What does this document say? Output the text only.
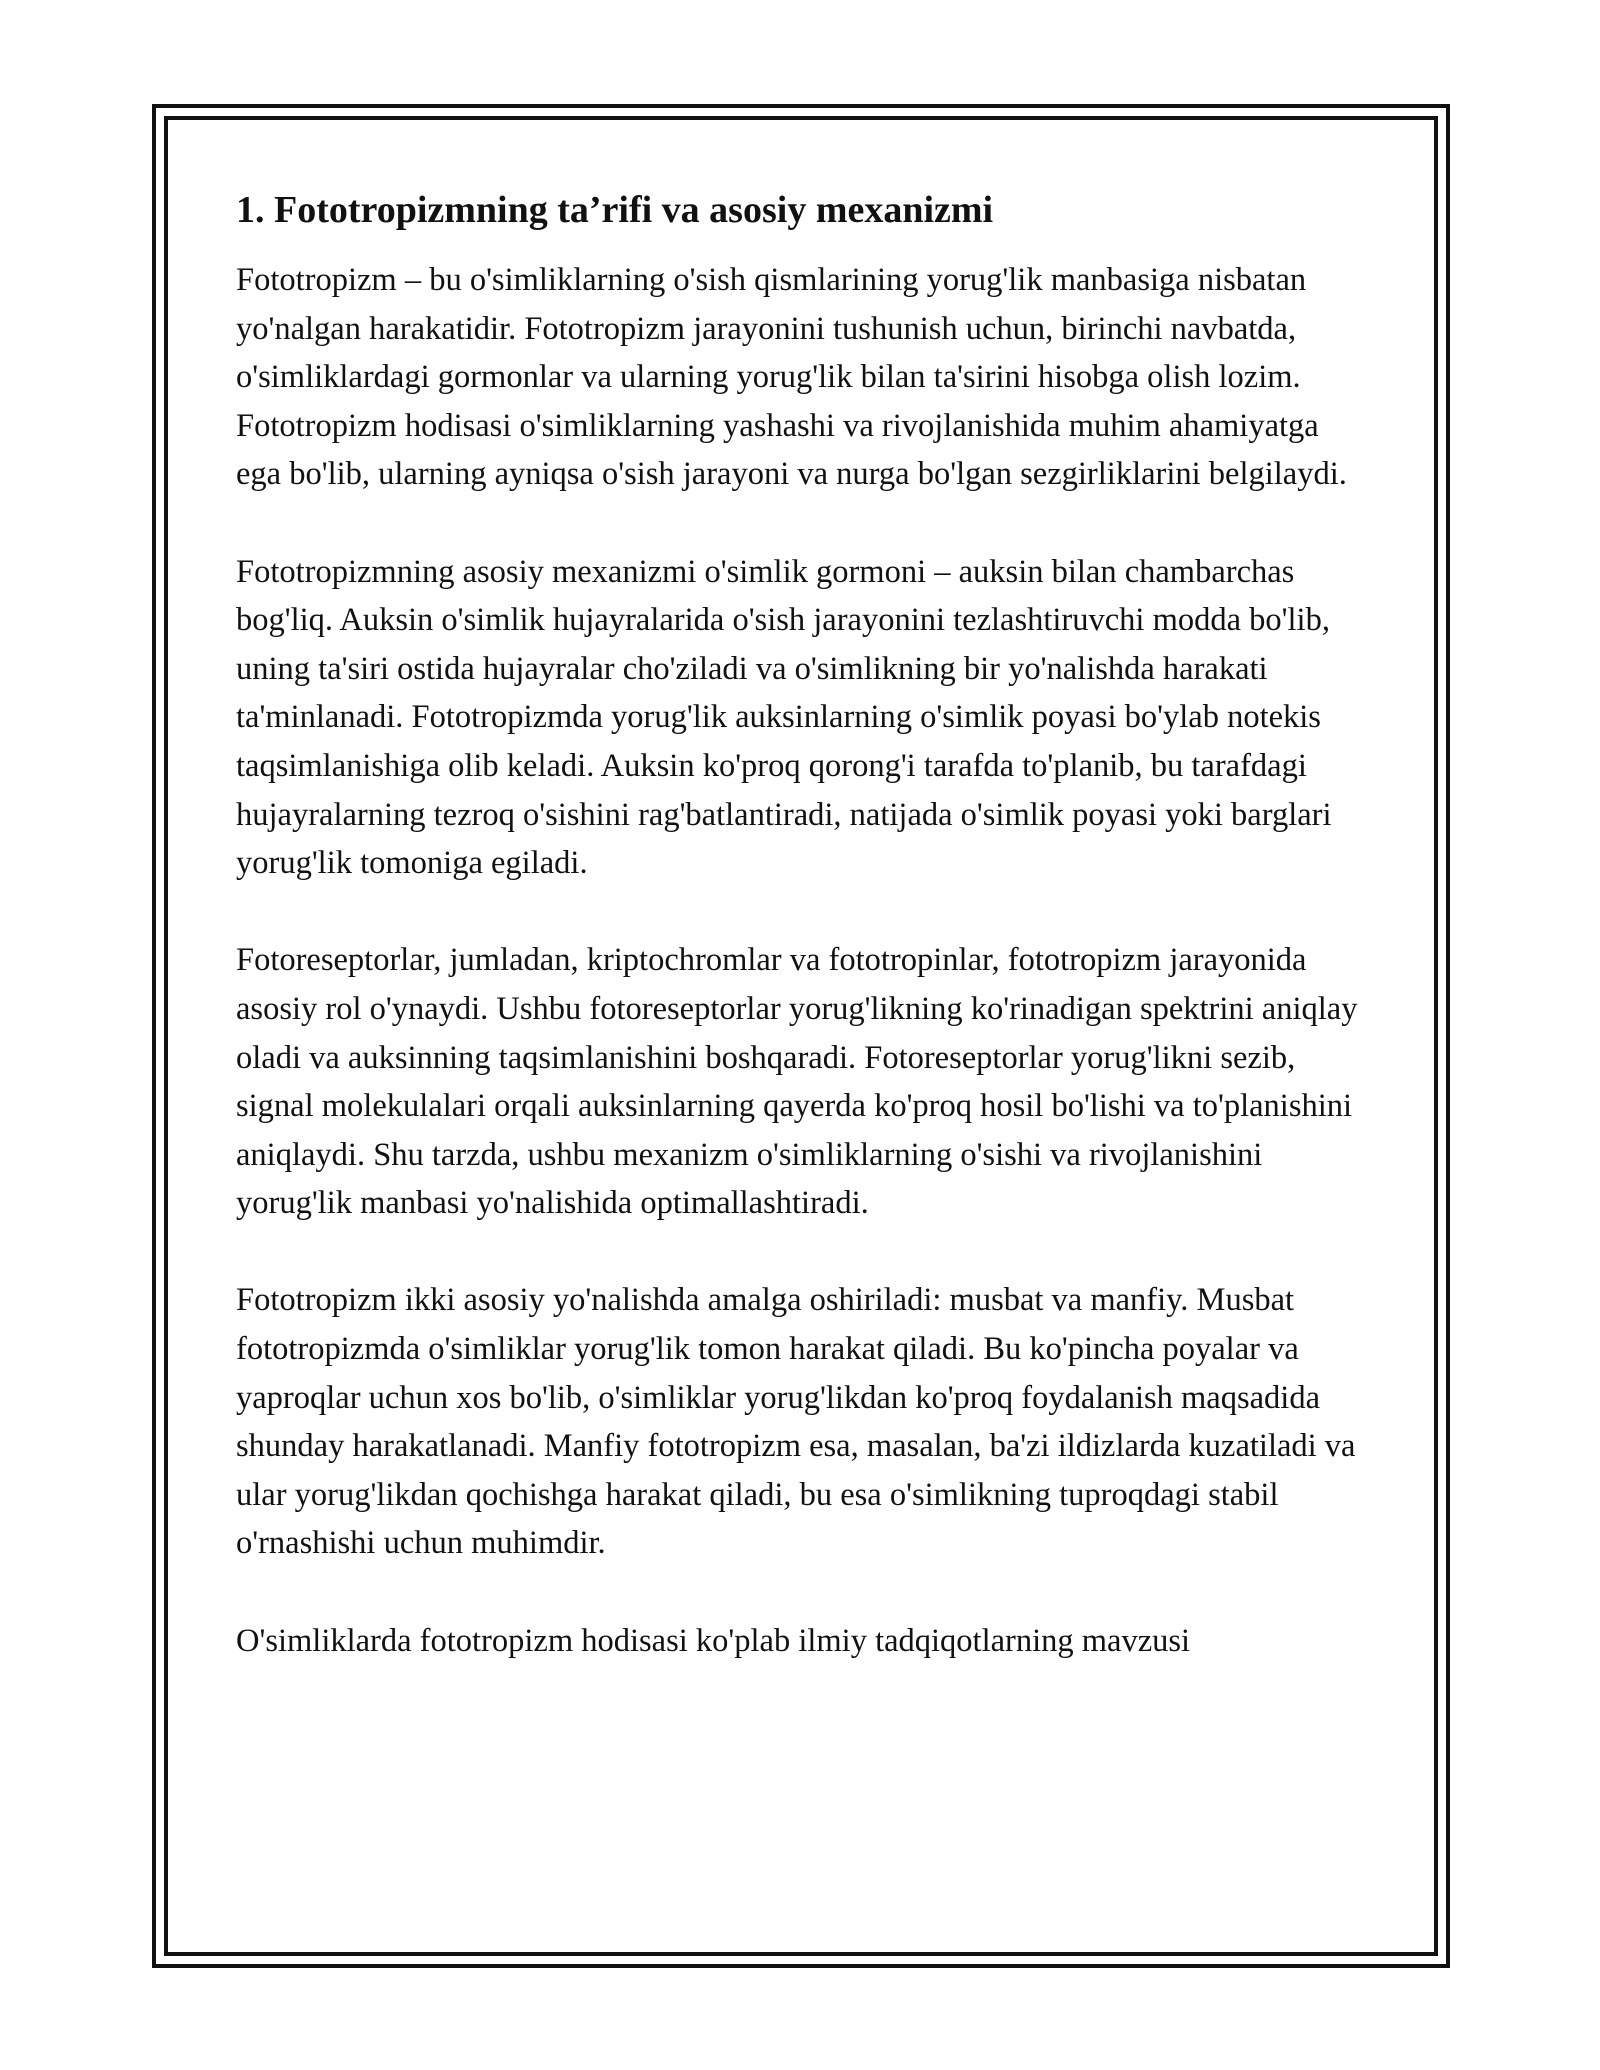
1. Fototropizmning ta’rifi va asosiy mexanizmi

Fototropizm – bu o'simliklarning o'sish qismlarining yorug'lik manbasiga nisbatan yo'nalgan harakatidir. Fototropizm jarayonini tushunish uchun, birinchi navbatda, o'simliklardagi gormonlar va ularning yorug'lik bilan ta'sirini hisobga olish lozim. Fototropizm hodisasi o'simliklarning yashashi va rivojlanishida muhim ahamiyatga ega bo'lib, ularning ayniqsa o'sish jarayoni va nurga bo'lgan sezgirliklarini belgilaydi.

Fototropizmning asosiy mexanizmi o'simlik gormoni – auksin bilan chambarchas bog'liq. Auksin o'simlik hujayralarida o'sish jarayonini tezlashtiruvchi modda bo'lib, uning ta'siri ostida hujayralar cho'ziladi va o'simlikning bir yo'nalishda harakati ta'minlanadi. Fototropizmda yorug'lik auksinlarning o'simlik poyasi bo'ylab notekis taqsimlanishiga olib keladi. Auksin ko'proq qorong'i tarafda to'planib, bu tarafdagi hujayralarning tezroq o'sishini rag'batlantiradi, natijada o'simlik poyasi yoki barglari yorug'lik tomoniga egiladi.

Fotoreseptorlar, jumladan, kriptochromlar va fototropinlar, fototropizm jarayonida asosiy rol o'ynaydi. Ushbu fotoreseptorlar yorug'likning ko'rinadigan spektrini aniqlay oladi va auksinning taqsimlanishini boshqaradi. Fotoreseptorlar yorug'likni sezib, signal molekulalari orqali auksinlarning qayerda ko'proq hosil bo'lishi va to'planishini aniqlaydi. Shu tarzda, ushbu mexanizm o'simliklarning o'sishi va rivojlanishini yorug'lik manbasi yo'nalishida optimallashtiradi.

Fototropizm ikki asosiy yo'nalishda amalga oshiriladi: musbat va manfiy. Musbat fototropizmda o'simliklar yorug'lik tomon harakat qiladi. Bu ko'pincha poyalar va yaproqlar uchun xos bo'lib, o'simliklar yorug'likdan ko'proq foydalanish maqsadida shunday harakatlanadi. Manfiy fototropizm esa, masalan, ba'zi ildizlarda kuzatiladi va ular yorug'likdan qochishga harakat qiladi, bu esa o'simlikning tuproqdagi stabil o'rnashishi uchun muhimdir.

O'simliklarda fototropizm hodisasi ko'plab ilmiy tadqiqotlarning mavzusi
